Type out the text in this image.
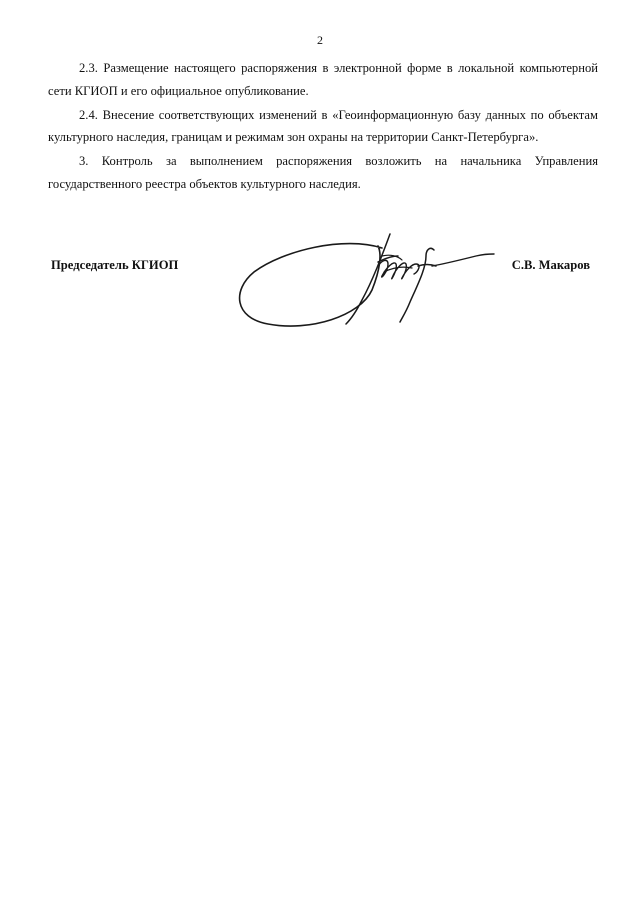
2

2.3. Размещение настоящего распоряжения в электронной форме в локальной компьютерной сети КГИОП и его официальное опубликование.

2.4. Внесение соответствующих изменений в «Геоинформационную базу данных по объектам культурного наследия, границам и режимам зон охраны на территории Санкт-Петербурга».

3. Контроль за выполнением распоряжения возложить на начальника Управления государственного реестра объектов культурного наследия.

Председатель КГИОП	С.В. Макаров
